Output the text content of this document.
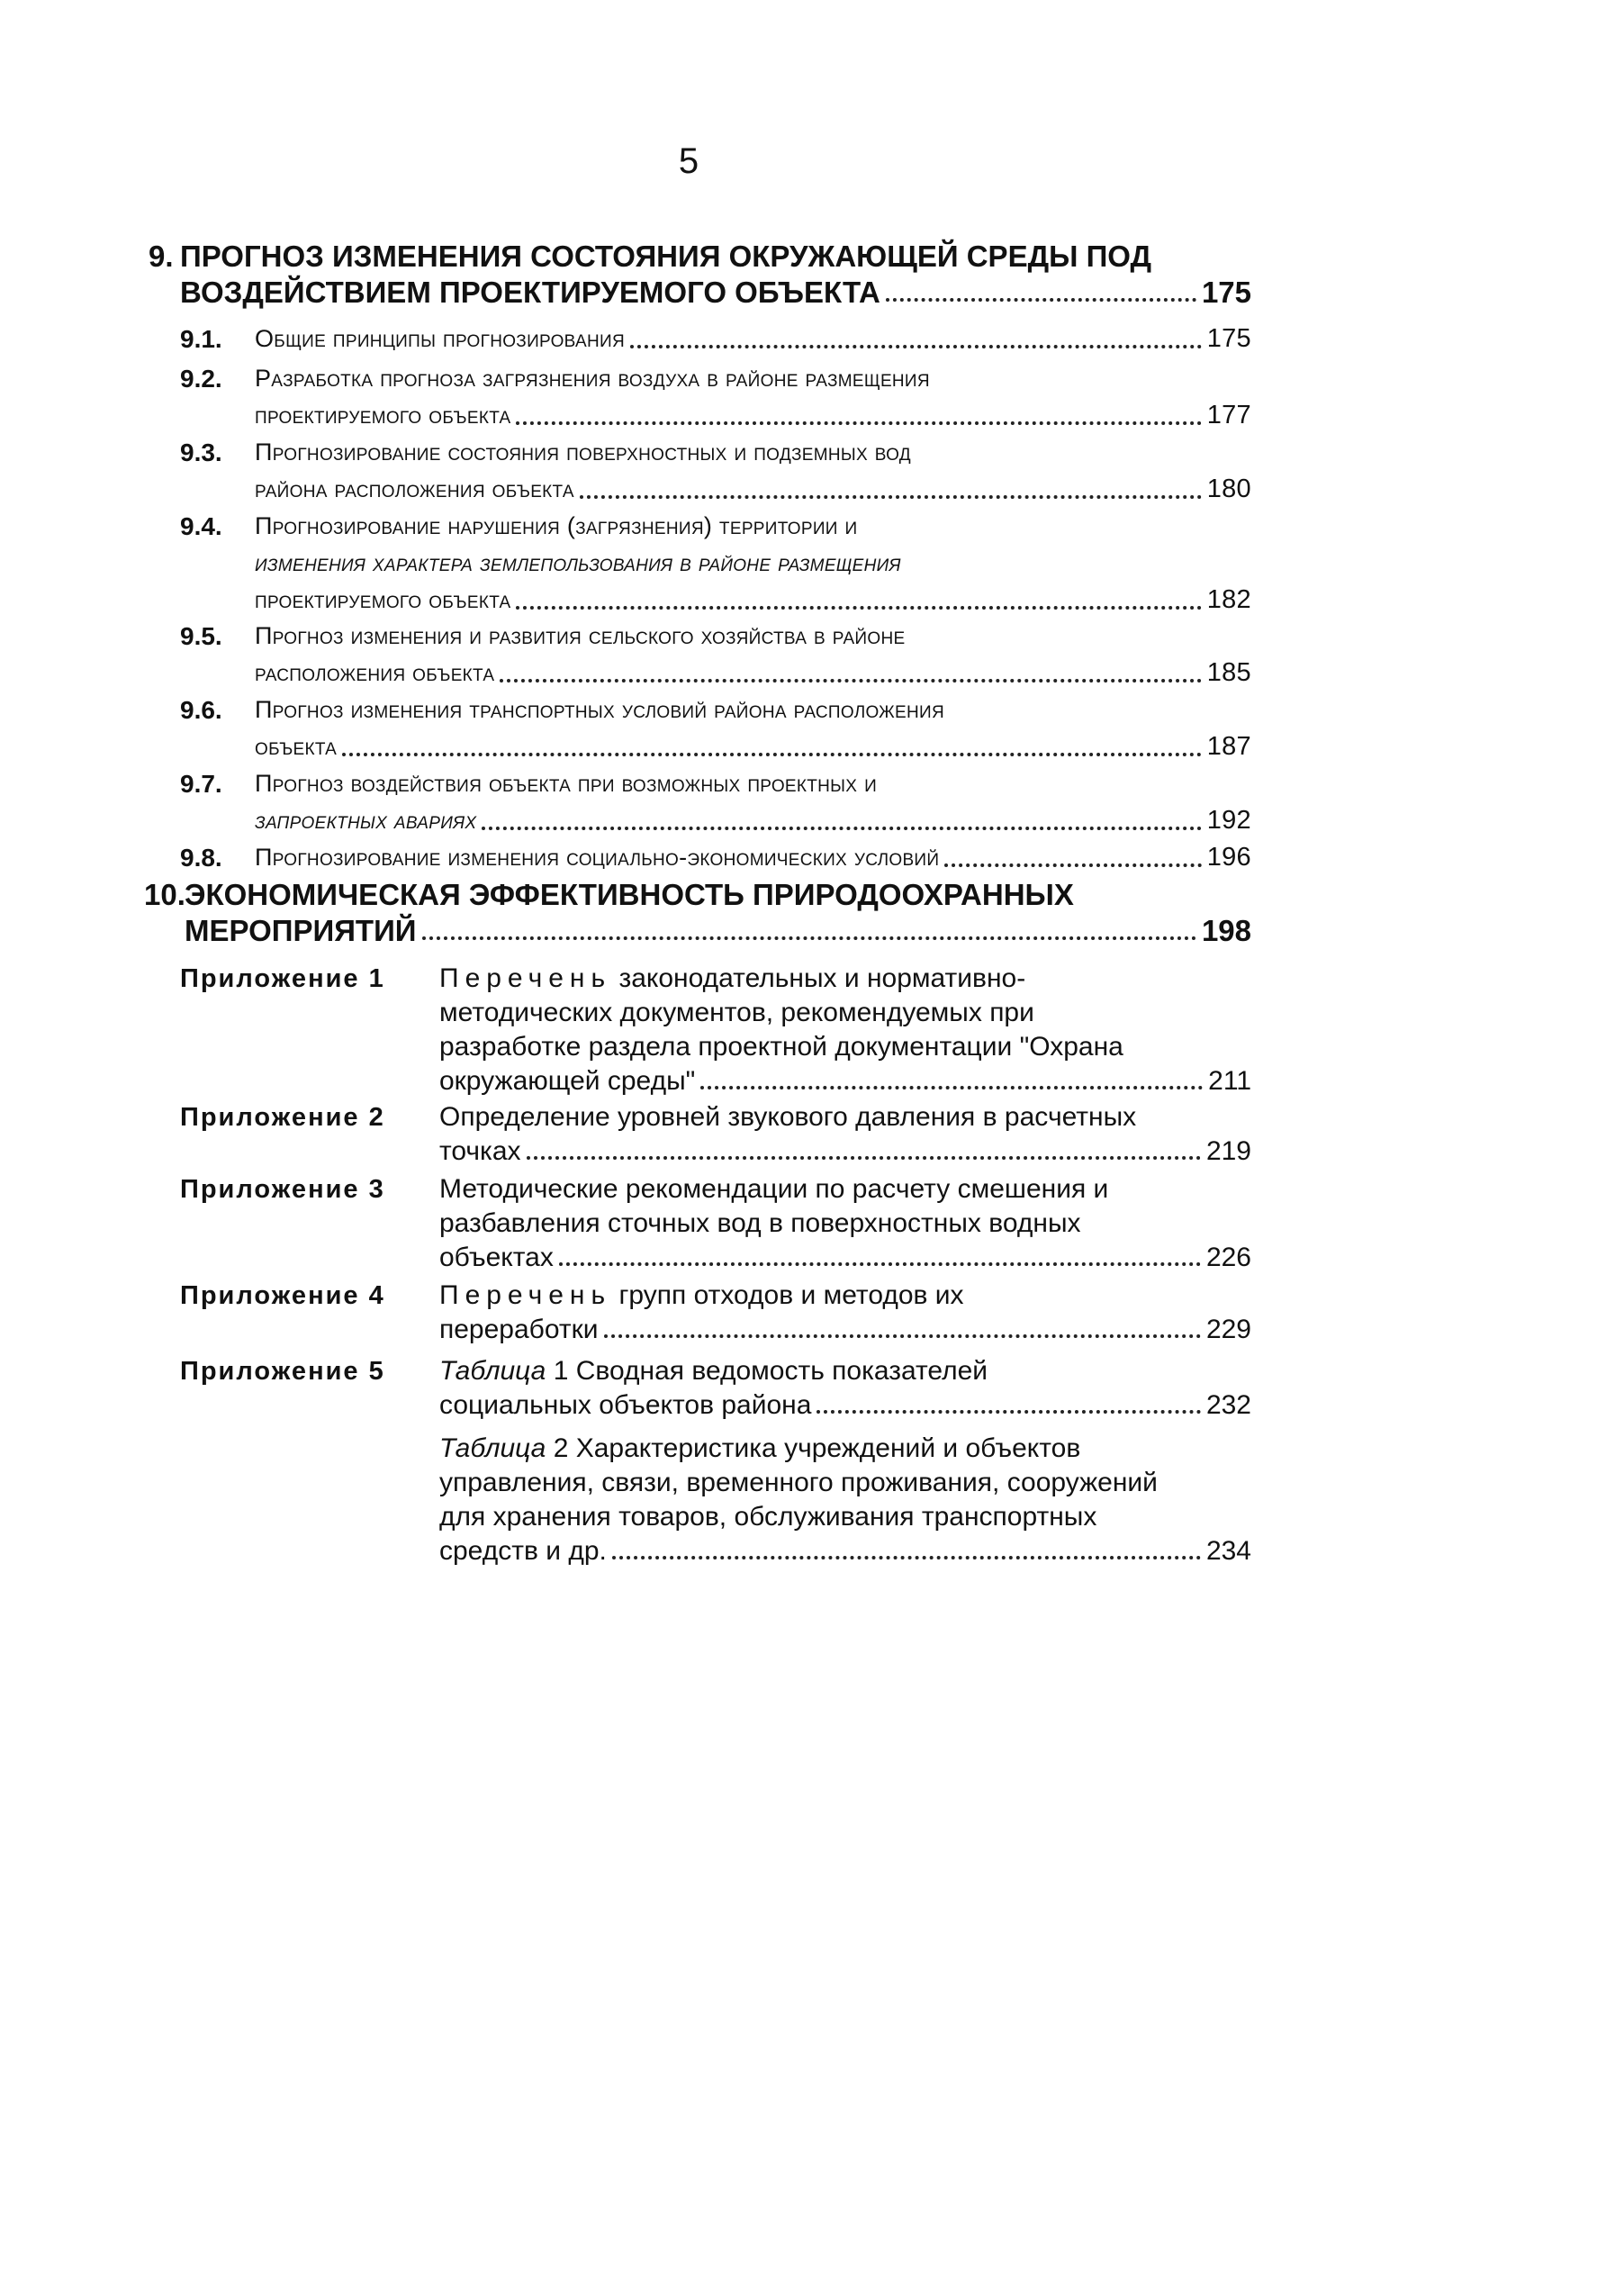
5
9. ПРОГНОЗ ИЗМЕНЕНИЯ СОСТОЯНИЯ ОКРУЖАЮЩЕЙ СРЕДЫ ПОД
ВОЗДЕЙСТВИЕМ ПРОЕКТИРУЕМОГО ОБЪЕКТА	175
9.1. Общие принципы прогнозирования	175
9.2. Разработка прогноза загрязнения воздуха в районе размещения
проектируемого объекта	177
9.3. Прогнозирование состояния поверхностных и подземных вод
района расположения объекта	180
9.4. Прогнозирование нарушения (загрязнения) территории и
изменения характера землепользования в районе размещения
проектируемого объекта	182
9.5. Прогноз изменения и развития сельского хозяйства в районе
расположения объекта	185
9.6. Прогноз изменения транспортных условий района расположения
объекта	187
9.7. Прогноз воздействия объекта при возможных проектных и
запроектных авариях	192
9.8. Прогнозирование изменения социально-экономических условий	196
10. ЭКОНОМИЧЕСКАЯ ЭФФЕКТИВНОСТЬ ПРИРОДООХРАННЫХ
МЕРОПРИЯТИЙ	198
Приложение 1 Перечень законодательных и нормативно-
методических документов, рекомендуемых при
разработке раздела проектной документации "Охрана
окружающей среды"	211
Приложение 2 Определение уровней звукового давления в расчетных
точках	219
Приложение 3 Методические рекомендации по расчету смешения и
разбавления сточных вод в поверхностных водных
объектах	226
Приложение 4 Перечень групп отходов и методов их
переработки	229
Приложение 5 Таблица 1 Сводная ведомость показателей
социальных объектов района	232
Таблица 2 Характеристика учреждений и объектов
управления, связи, временного проживания, сооружений
для хранения товаров, обслуживания транспортных
средств и др.	234
